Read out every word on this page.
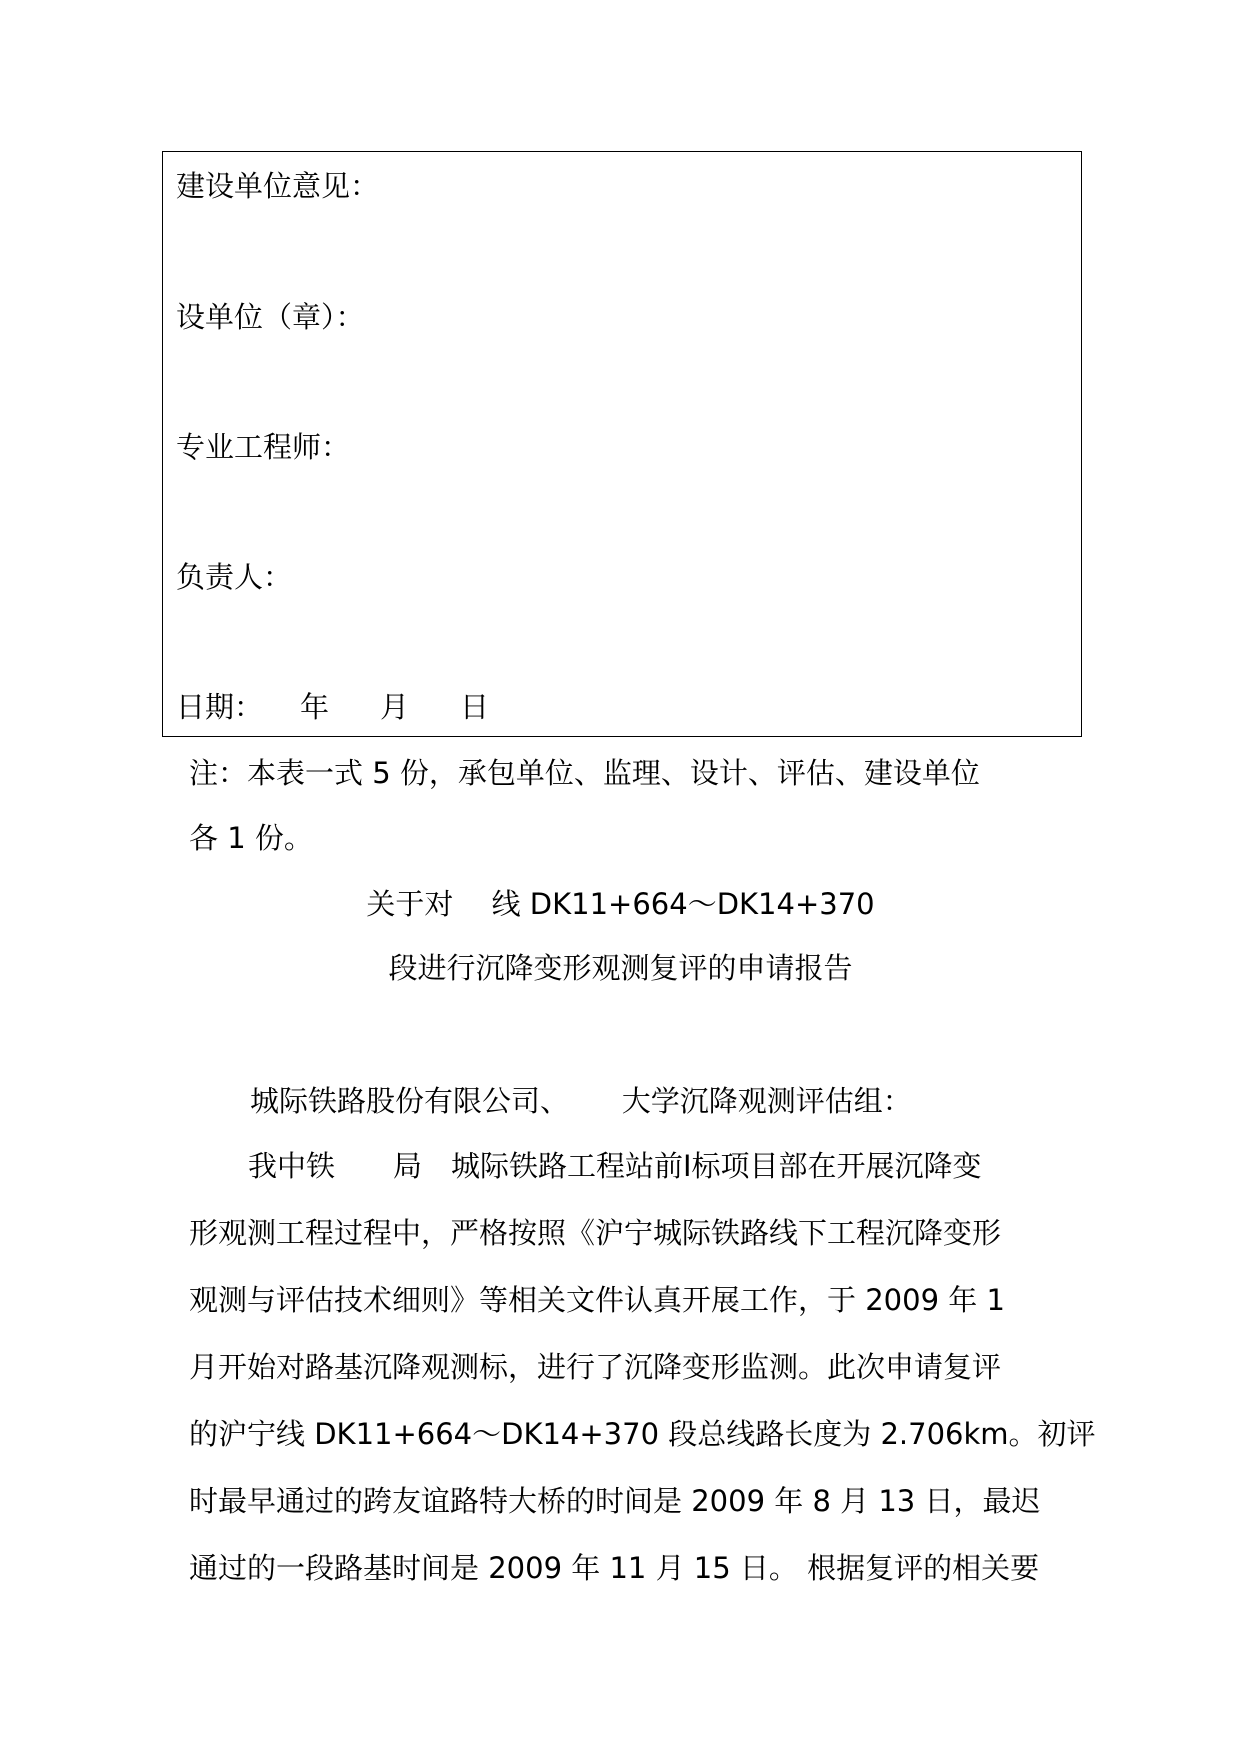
建设单位意见：
设单位（章）：
专业工程师：
负责人：
日期： 年 月 日
注：本表一式 5 份，承包单位、监理、设计、评估、建设单位
各 1 份。
关于对　 线 DK11+664～DK14+370
段进行沉降变形观测复评的申请报告
城际铁路股份有限公司、　　 大学沉降观测评估组：
我中铁　　局　城际铁路工程站前Ⅰ标项目部在开展沉降变
形观测工程过程中，严格按照《沪宁城际铁路线下工程沉降变形
观测与评估技术细则》等相关文件认真开展工作，于 2009 年 1
月开始对路基沉降观测标，进行了沉降变形监测。此次申请复评
的沪宁线 DK11+664～DK14+370 段总线路长度为 2.706km。初评
时最早通过的跨友谊路特大桥的时间是 2009 年 8 月 13 日，最迟
通过的一段路基时间是 2009 年 11 月 15 日。 根据复评的相关要
